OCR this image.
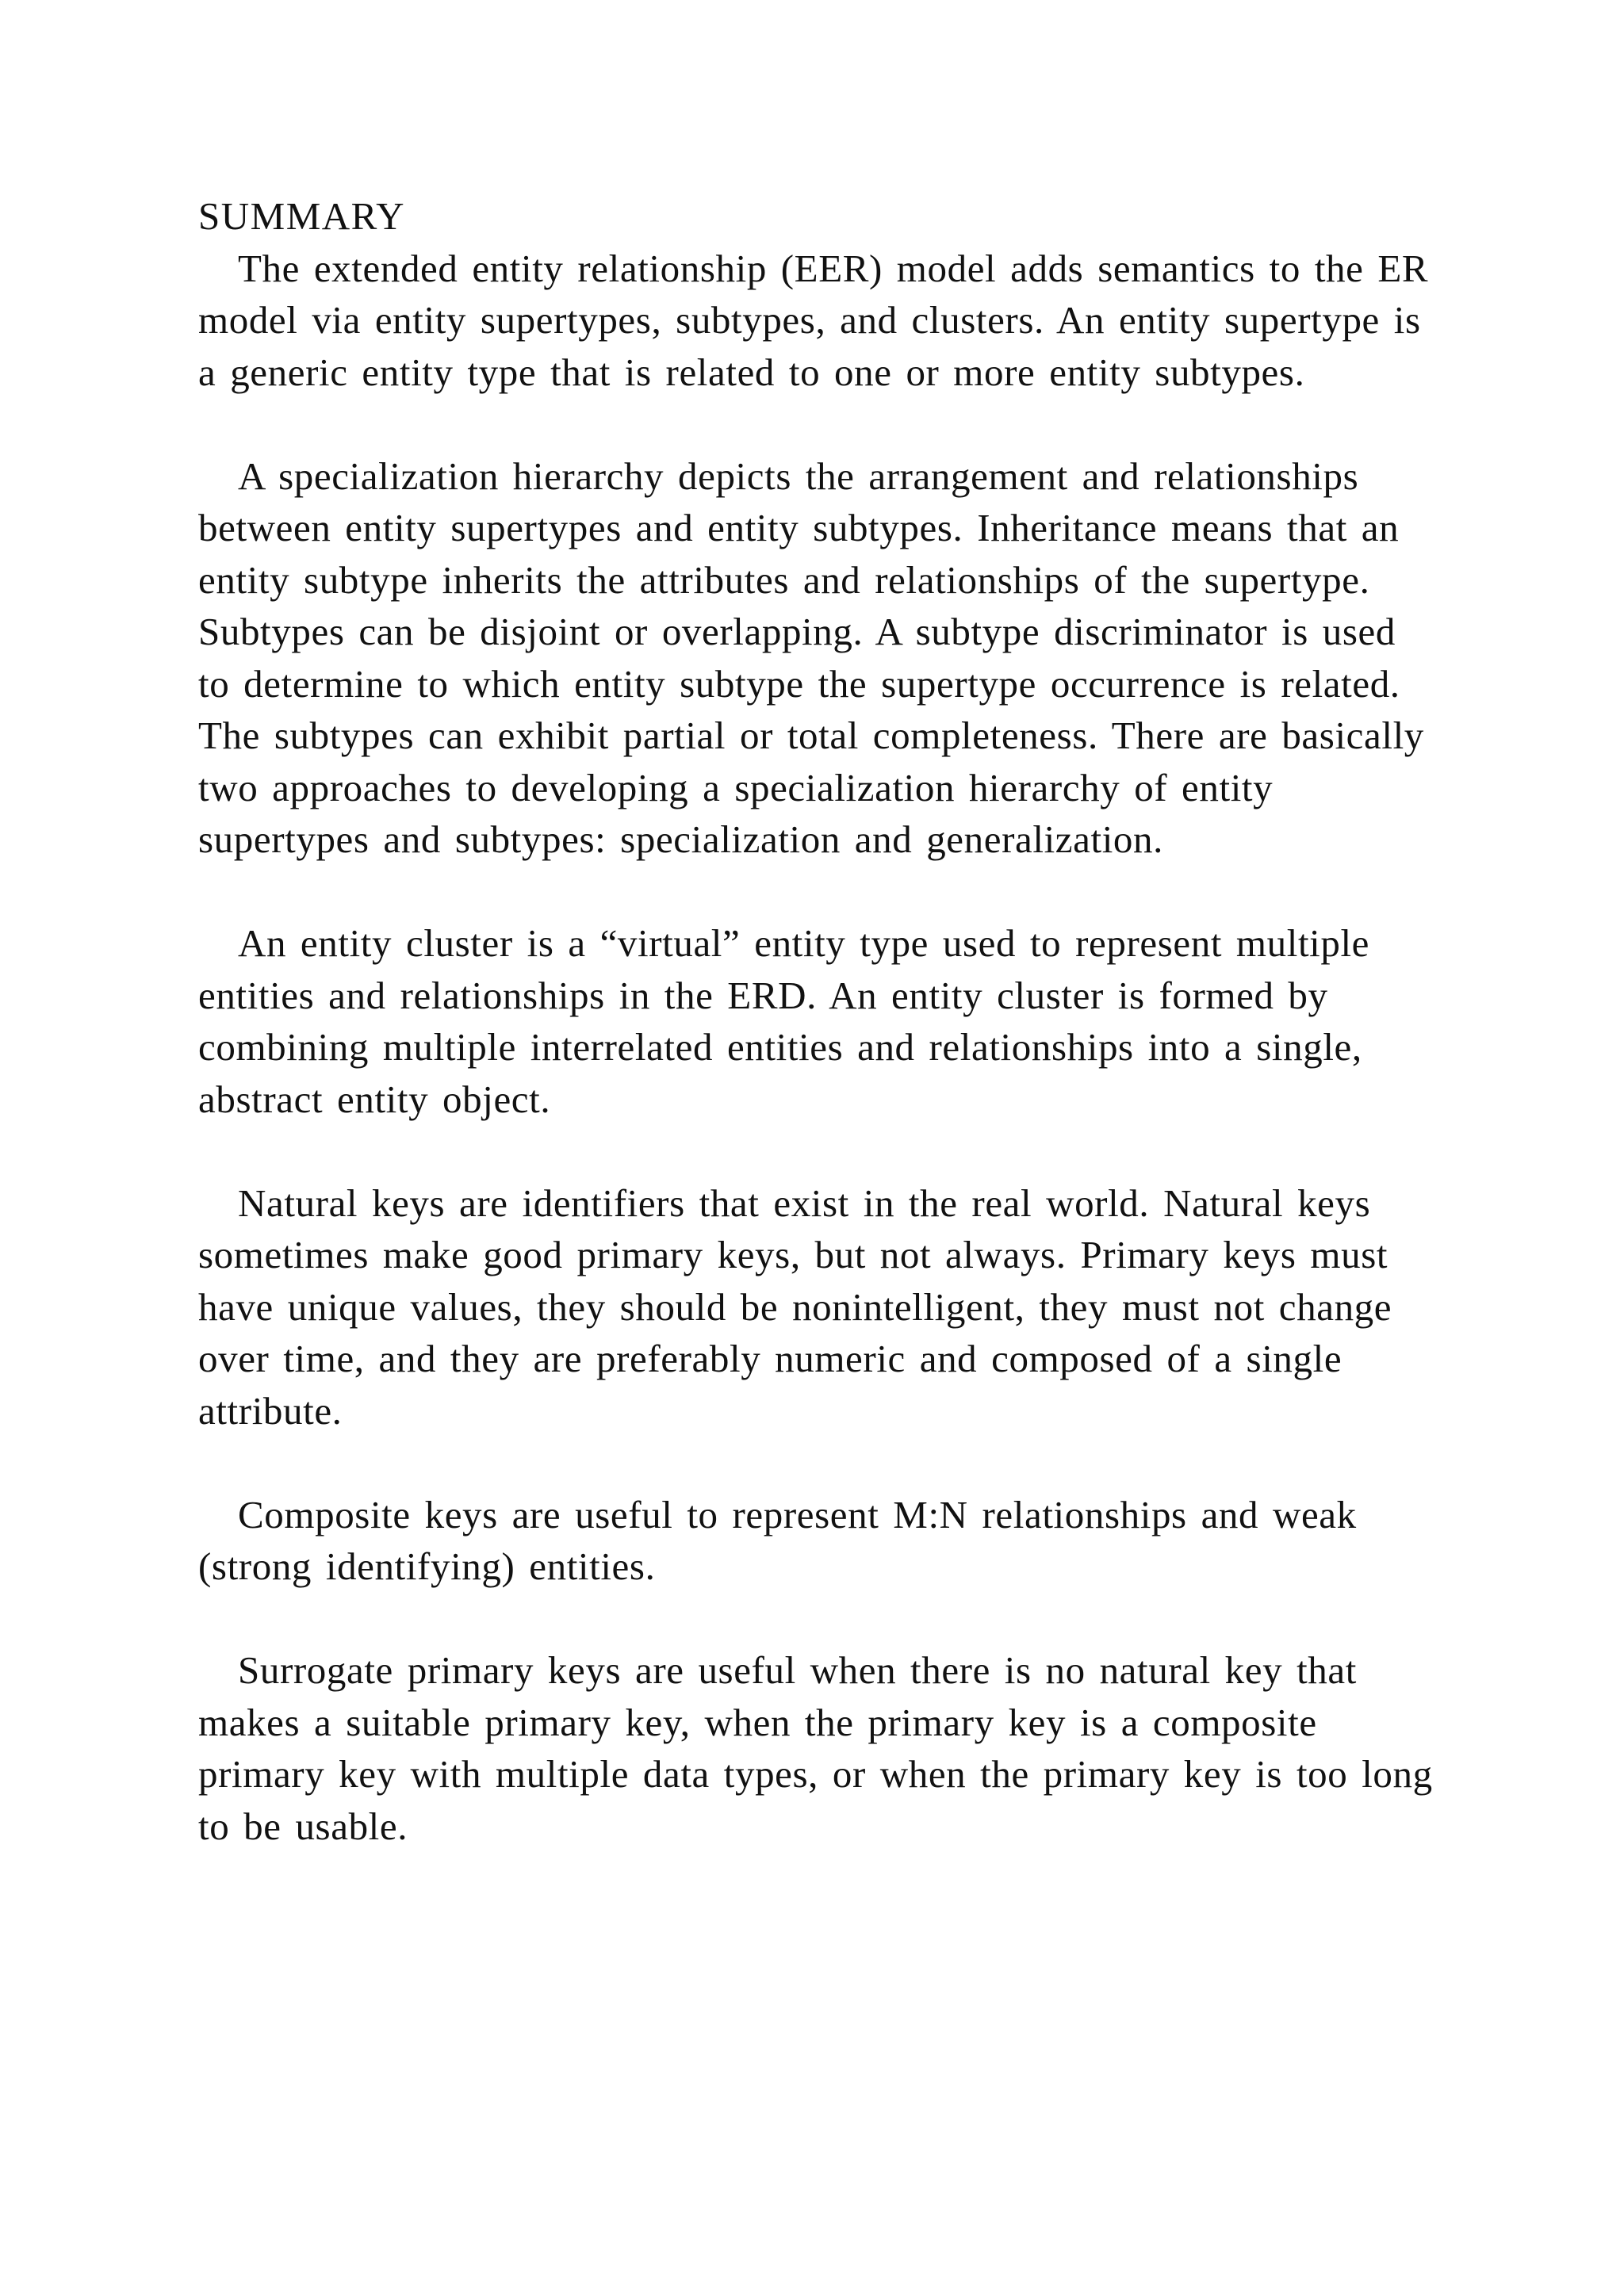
SUMMARY

The extended entity relationship (EER) model adds semantics to the ER model via entity supertypes, subtypes, and clusters. An entity supertype is a generic entity type that is related to one or more entity subtypes.

A specialization hierarchy depicts the arrangement and relationships between entity supertypes and entity subtypes. Inheritance means that an entity subtype inherits the attributes and relationships of the supertype. Subtypes can be disjoint or overlapping. A subtype discriminator is used to determine to which entity subtype the supertype occurrence is related. The subtypes can exhibit partial or total completeness. There are basically two approaches to developing a specialization hierarchy of entity supertypes and subtypes: specialization and generalization.

An entity cluster is a “virtual” entity type used to represent multiple entities and relationships in the ERD. An entity cluster is formed by combining multiple interrelated entities and relationships into a single, abstract entity object.

Natural keys are identifiers that exist in the real world. Natural keys sometimes make good primary keys, but not always. Primary keys must have unique values, they should be nonintelligent, they must not change over time, and they are preferably numeric and composed of a single attribute.

Composite keys are useful to represent M:N relationships and weak (strong identifying) entities.

Surrogate primary keys are useful when there is no natural key that makes a suitable primary key, when the primary key is a composite primary key with multiple data types, or when the primary key is too long to be usable.
